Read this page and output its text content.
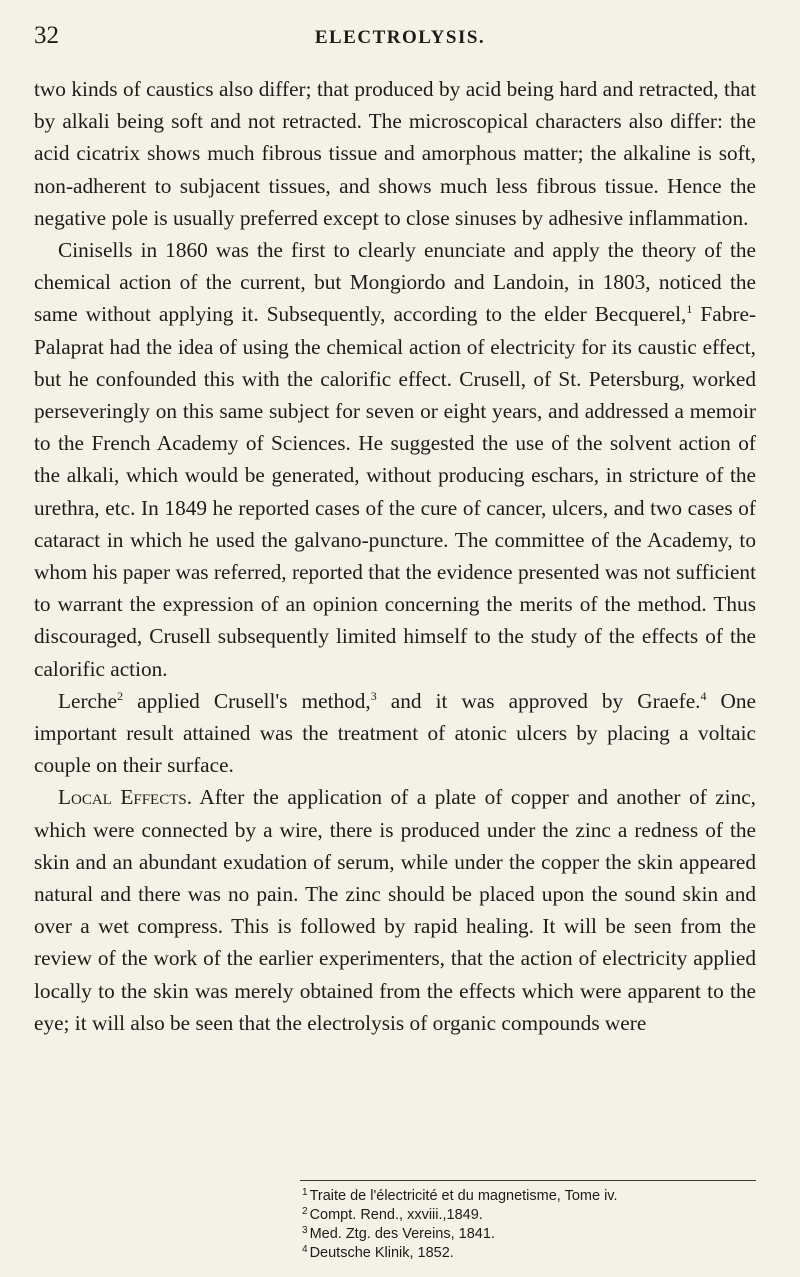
32	ELECTROLYSIS.

two kinds of caustics also differ; that produced by acid being hard and retracted, that by alkali being soft and not retracted. The microscopical characters also differ: the acid cicatrix shows much fibrous tissue and amorphous matter; the alkaline is soft, non-adherent to subjacent tissues, and shows much less fibrous tissue. Hence the negative pole is usually preferred except to close sinuses by adhesive inflammation.

Cinisells in 1860 was the first to clearly enunciate and apply the theory of the chemical action of the current, but Mongiordo and Landoin, in 1803, noticed the same without applying it. Subsequently, according to the elder Becquerel,$^1$ Fabre-Palaprat had the idea of using the chemical action of electricity for its caustic effect, but he confounded this with the calorific effect. Crusell, of St. Petersburg, worked perseveringly on this same subject for seven or eight years, and addressed a memoir to the French Academy of Sciences. He suggested the use of the solvent action of the alkali, which would be generated, without producing eschars, in stricture of the urethra, etc. In 1849 he reported cases of the cure of cancer, ulcers, and two cases of cataract in which he used the galvano-puncture. The committee of the Academy, to whom his paper was referred, reported that the evidence presented was not sufficient to warrant the expression of an opinion concerning the merits of the method. Thus discouraged, Crusell subsequently limited himself to the study of the effects of the calorific action.

Lerche$^2$ applied Crusell's method,$^3$ and it was approved by Graefe.$^4$ One important result attained was the treatment of atonic ulcers by placing a voltaic couple on their surface.

Local Effects. After the application of a plate of copper and another of zinc, which were connected by a wire, there is produced under the zinc a redness of the skin and an abundant exudation of serum, while under the copper the skin appeared natural and there was no pain. The zinc should be placed upon the sound skin and over a wet compress. This is followed by rapid healing. It will be seen from the review of the work of the earlier experimenters, that the action of electricity applied locally to the skin was merely obtained from the effects which were apparent to the eye; it will also be seen that the electrolysis of organic compounds were

$^1$ Traite de l'électricité et du magnetisme, Tome iv.
$^2$ Compt. Rend., xxviii.,1849.
$^3$ Med. Ztg. des Vereins, 1841.
$^4$ Deutsche Klinik, 1852.
